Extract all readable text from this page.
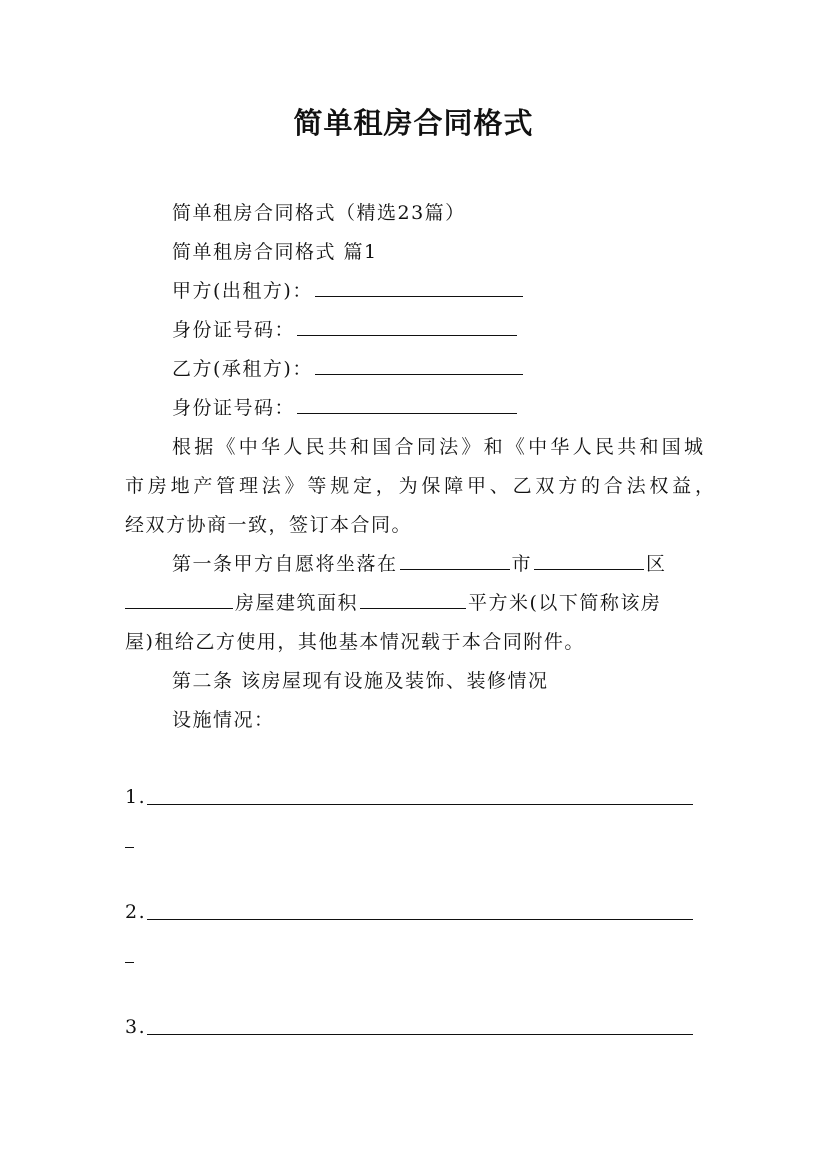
简单租房合同格式
简单租房合同格式（精选23篇）
简单租房合同格式 篇1
甲方(出租方)：
身份证号码：
乙方(承租方)：
身份证号码：
根据《中华人民共和国合同法》和《中华人民共和国城
市房地产管理法》等规定，为保障甲、乙双方的合法权益，
经双方协商一致，签订本合同。
第一条甲方自愿将坐落在	市	区
房屋建筑面积	平方米(以下简称该房
屋)租给乙方使用，其他基本情况载于本合同附件。
第二条 该房屋现有设施及装饰、装修情况
设施情况：
1.
2.
3.
